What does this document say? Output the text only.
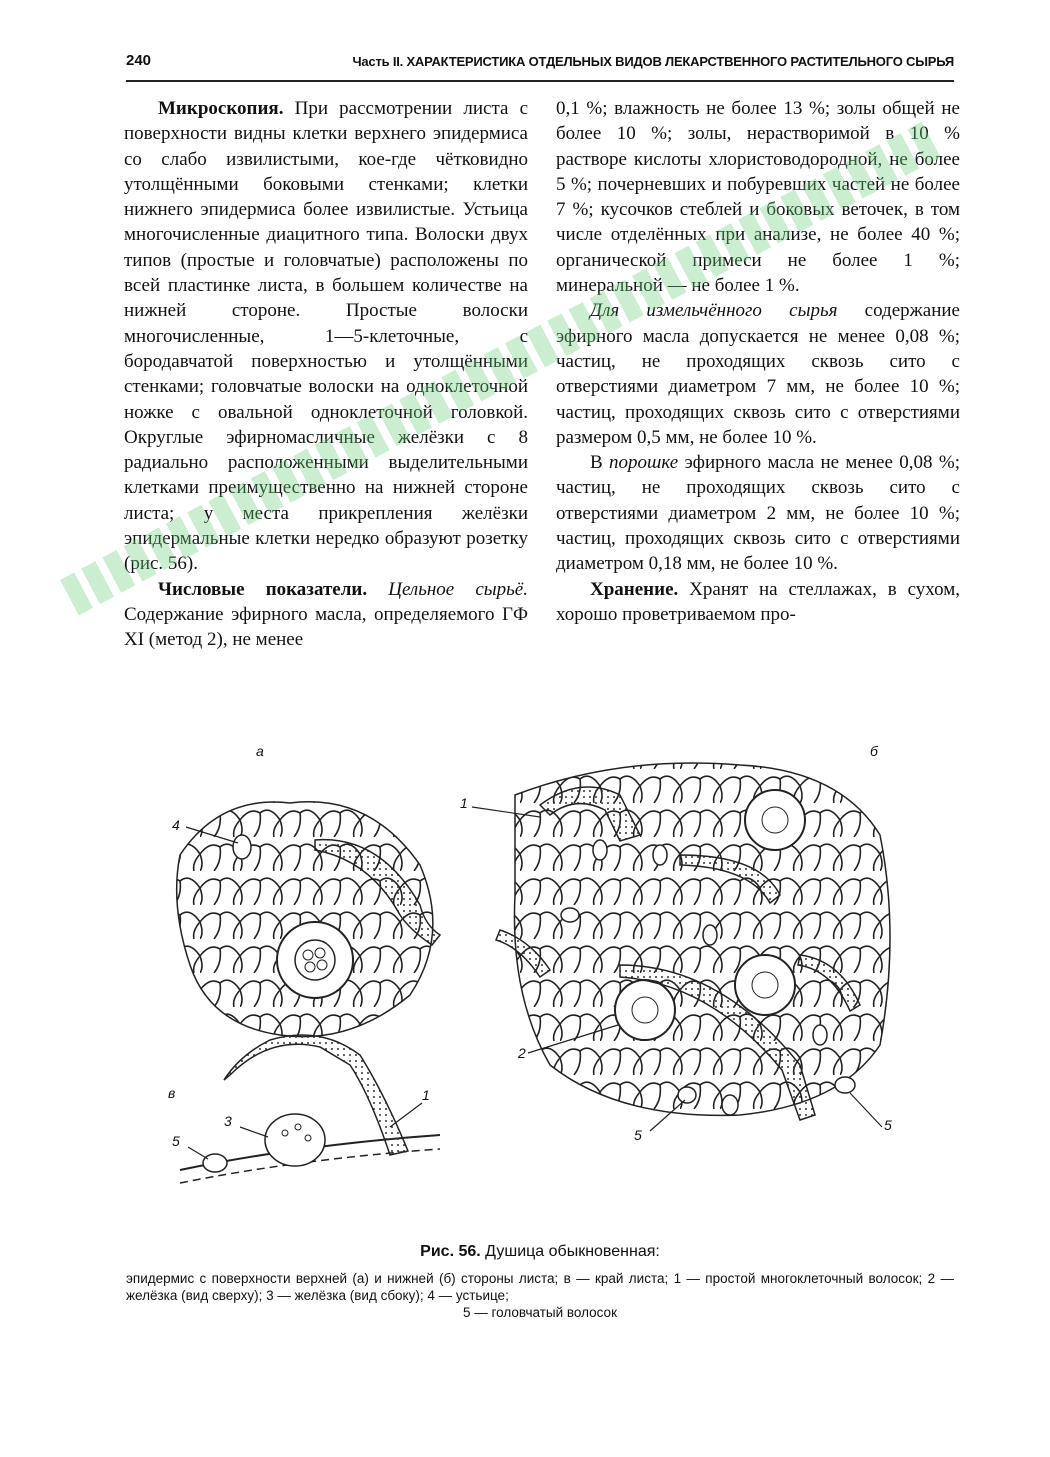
240	Часть II. ХАРАКТЕРИСТИКА ОТДЕЛЬНЫХ ВИДОВ ЛЕКАРСТВЕННОГО РАСТИТЕЛЬНОГО СЫРЬЯ

Микроскопия. При рассмотрении листа с поверхности видны клетки верхнего эпидермиса со слабо извилистыми, кое-где чётковидно утолщёнными боковыми стенками; клетки нижнего эпидермиса более извилистые. Устьица многочисленные диацитного типа. Волоски двух типов (простые и головчатые) расположены по всей пластинке листа, в большем количестве на нижней стороне. Простые волоски многочисленные, 1—5-клеточные, с бородавчатой поверхностью и утолщёнными стенками; головчатые волоски на одноклеточной ножке с овальной одноклеточной головкой. Округлые эфирномасличные желёзки с 8 радиально расположенными выделительными клетками преимущественно на нижней стороне листа; у места прикрепления желёзки эпидермальные клетки нередко образуют розетку (рис. 56).

Числовые показатели. Цельное сырьё. Содержание эфирного масла, определяемого ГФ XI (метод 2), не менее

0,1 %; влажность не более 13 %; золы общей не более 10 %; золы, нерастворимой в 10 % растворе кислоты хлористоводородной, не более 5 %; почерневших и побуревших частей не более 7 %; кусочков стеблей и боковых веточек, в том числе отделённых при анализе, не более 40 %; органической примеси не более 1 %; минеральной — не более 1 %.

Для измельчённого сырья содержание эфирного масла допускается не менее 0,08 %; частиц, не проходящих сквозь сито с отверстиями диаметром 7 мм, не более 10 %; частиц, проходящих сквозь сито с отверстиями размером 0,5 мм, не более 10 %.

В порошке эфирного масла не менее 0,08 %; частиц, не проходящих сквозь сито с отверстиями диаметром 2 мм, не более 10 %; частиц, проходящих сквозь сито с отверстиями диаметром 0,18 мм, не более 10 %.

Хранение. Хранят на стеллажах, в сухом, хорошо проветриваемом про-

а	б
в
1
2
3
4
5
1
5
5
Рис. 56. Душица обыкновенная:
эпидермис с поверхности верхней (а) и нижней (б) стороны листа; в — край листа; 1 — простой многоклеточный волосок; 2 — желёзка (вид сверху); 3 — желёзка (вид сбоку); 4 — устьице;
5 — головчатый волосок
